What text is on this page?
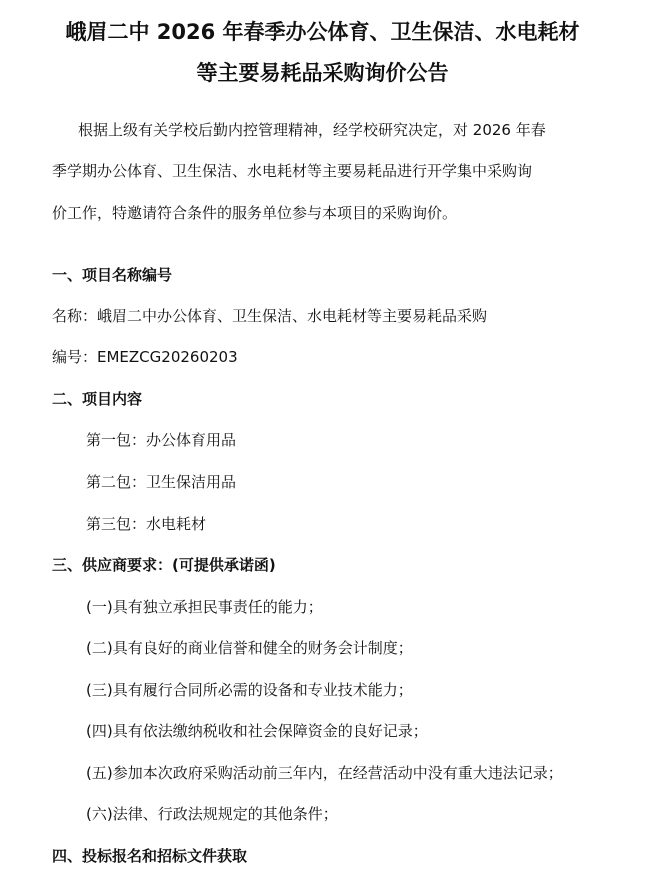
峨眉二中 2026 年春季办公体育、卫生保洁、水电耗材
等主要易耗品采购询价公告

根据上级有关学校后勤内控管理精神，经学校研究决定，对 2026 年春

季学期办公体育、卫生保洁、水电耗材等主要易耗品进行开学集中采购询

价工作，特邀请符合条件的服务单位参与本项目的采购询价。

一、项目名称编号

名称：峨眉二中办公体育、卫生保洁、水电耗材等主要易耗品采购

编号：EMEZCG20260203

二、项目内容

第一包：办公体育用品

第二包：卫生保洁用品

第三包：水电耗材

三、供应商要求：(可提供承诺函)

(一)具有独立承担民事责任的能力；

(二)具有良好的商业信誉和健全的财务会计制度；

(三)具有履行合同所必需的设备和专业技术能力；

(四)具有依法缴纳税收和社会保障资金的良好记录；

(五)参加本次政府采购活动前三年内，在经营活动中没有重大违法记录；

(六)法律、行政法规规定的其他条件；

四、投标报名和招标文件获取
